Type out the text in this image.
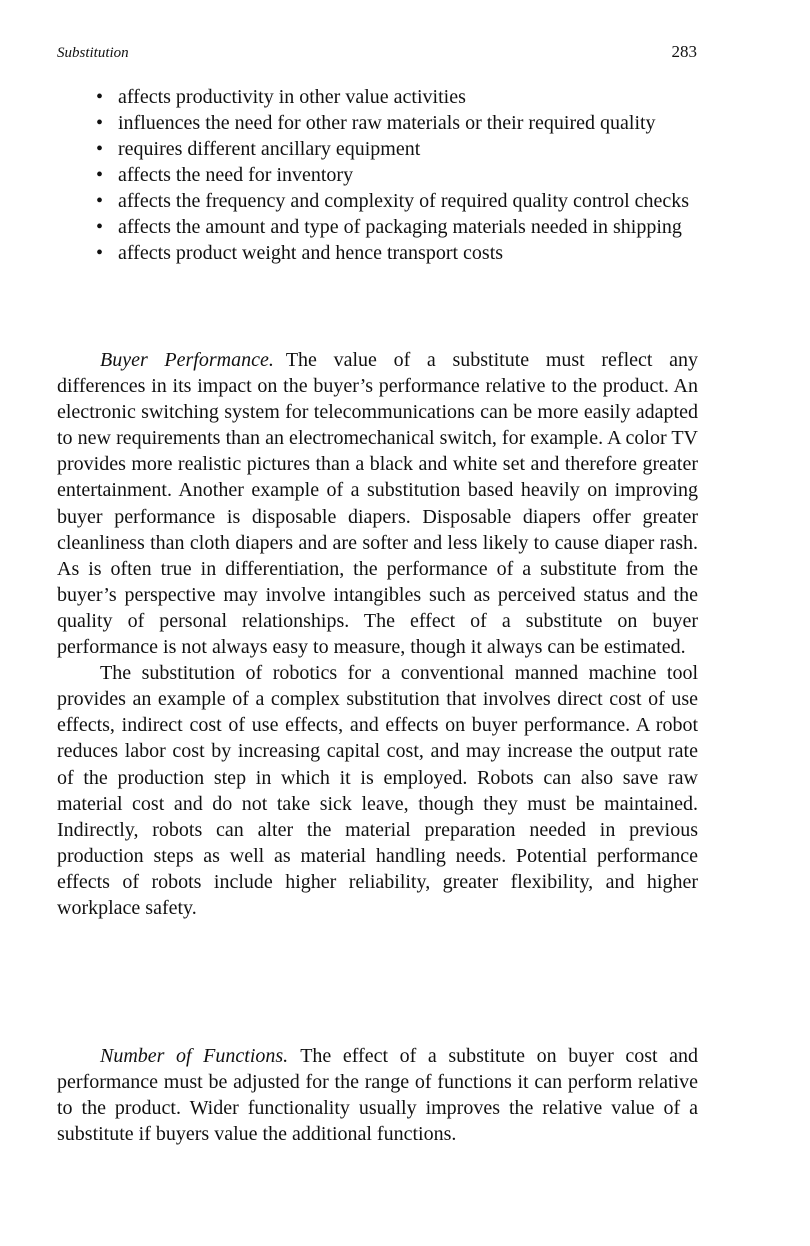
Substitution	283
• affects productivity in other value activities
• influences the need for other raw materials or their required quality
• requires different ancillary equipment
• affects the need for inventory
• affects the frequency and complexity of required quality control checks
• affects the amount and type of packaging materials needed in shipping
• affects product weight and hence transport costs

Buyer Performance. The value of a substitute must reflect any differences in its impact on the buyer’s performance relative to the product. An electronic switching system for telecommunications can be more easily adapted to new requirements than an electromechanical switch, for example. A color TV provides more realistic pictures than a black and white set and therefore greater entertainment. Another example of a substitution based heavily on improving buyer performance is disposable diapers. Disposable diapers offer greater cleanliness than cloth diapers and are softer and less likely to cause diaper rash. As is often true in differentiation, the performance of a substitute from the buyer’s perspective may involve intangibles such as perceived status and the quality of personal relationships. The effect of a substitute on buyer performance is not always easy to measure, though it always can be estimated.

The substitution of robotics for a conventional manned machine tool provides an example of a complex substitution that involves direct cost of use effects, indirect cost of use effects, and effects on buyer performance. A robot reduces labor cost by increasing capital cost, and may increase the output rate of the production step in which it is employed. Robots can also save raw material cost and do not take sick leave, though they must be maintained. Indirectly, robots can alter the material preparation needed in previous production steps as well as material handling needs. Potential performance effects of robots include higher reliability, greater flexibility, and higher workplace safety.

Number of Functions. The effect of a substitute on buyer cost and performance must be adjusted for the range of functions it can perform relative to the product. Wider functionality usually improves the relative value of a substitute if buyers value the additional functions.
